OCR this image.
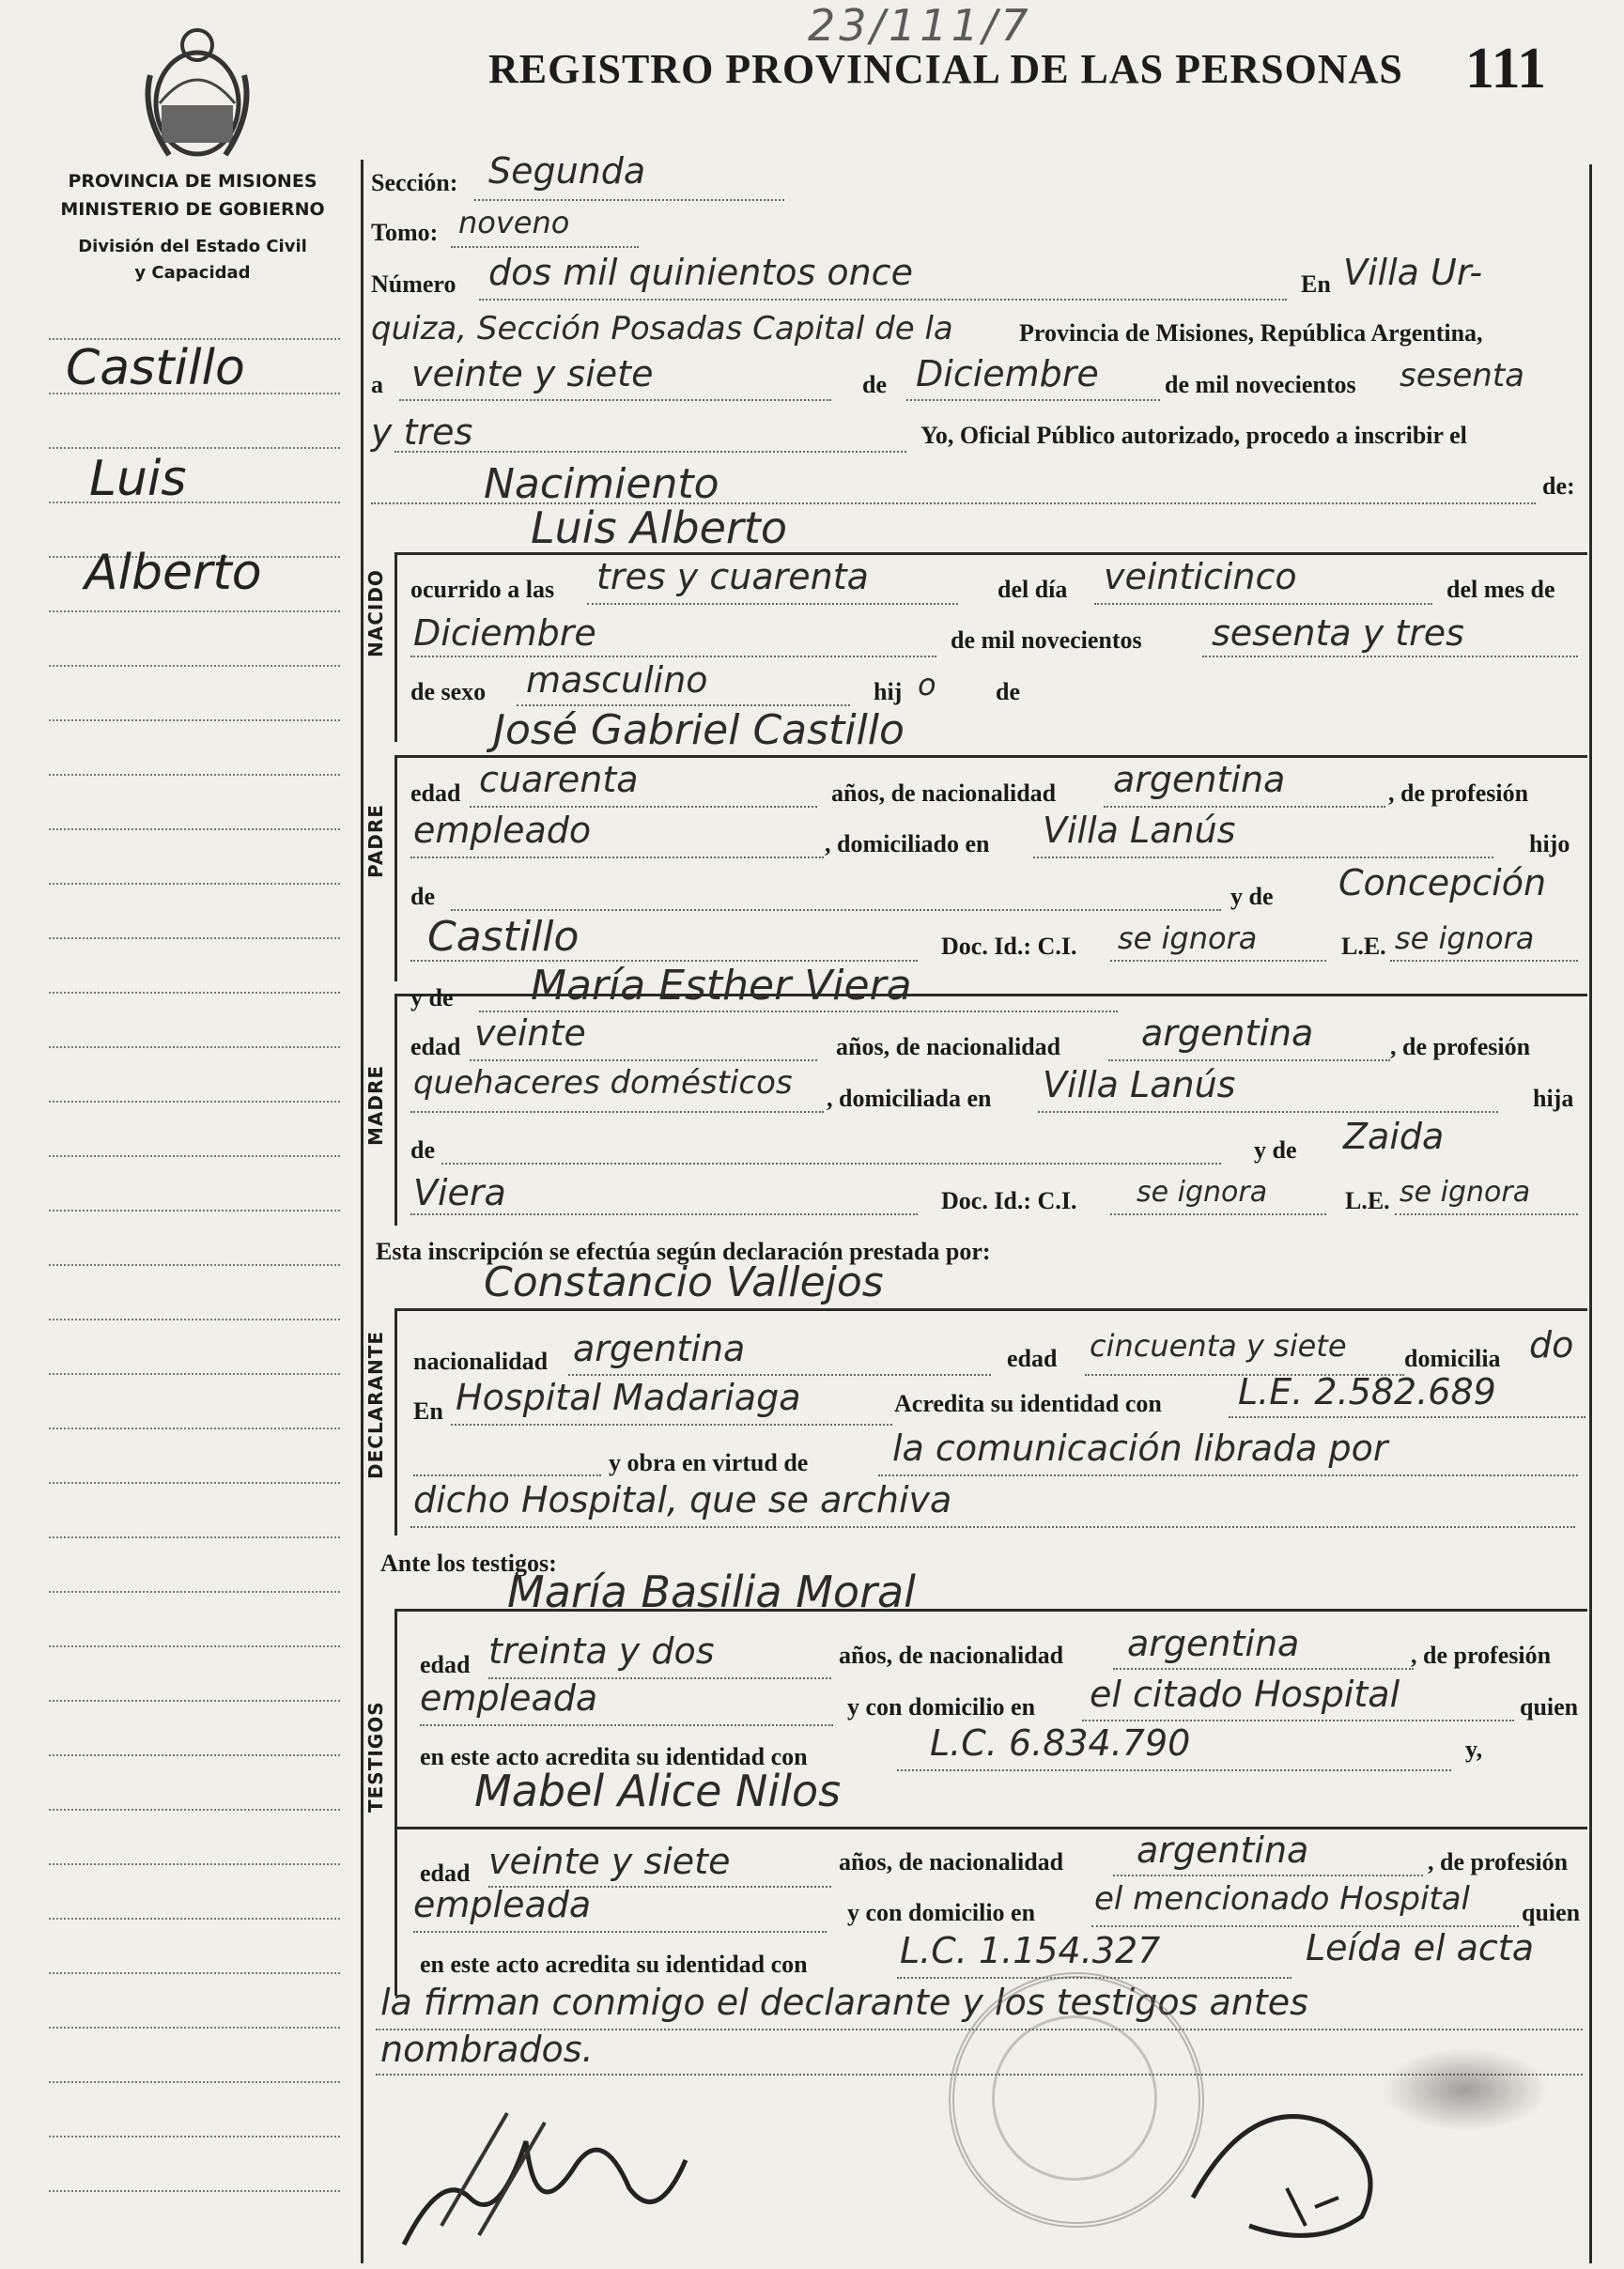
23/111/7
REGISTRO PROVINCIAL DE LAS PERSONAS 111
PROVINCIA DE MISIONES
MINISTERIO DE GOBIERNO
División del Estado Civil
y Capacidad
Castillo
Luis
Alberto	NACIDO
PADRE
MADRE
DECLARANTE
TESTIGOS
Sección: Segunda
Tomo: noveno
Número dos mil quinientos once	En Villa Ur-
quiza, Sección Posadas Capital de la	Provincia de Misiones, República Argentina,
a veinte y siete	de Diciembre	de mil novecientos sesenta
y tres	Yo, Oficial Público autorizado, procedo a inscribir el
Nacimiento	de:
Luis Alberto
ocurrido a las tres y cuarenta	del día veinticinco	del mes de
Diciembre	de mil novecientos sesenta y tres
de sexo masculino	hij o de
José Gabriel Castillo
edad cuarenta	años, de nacionalidad argentina	, de profesión
empleado	, domiciliado en Villa Lanús	hijo
de	y de Concepción
Castillo	Doc. Id.: C.I. se ignora	L.E. se ignora
y de María Esther Viera
edad veinte	años, de nacionalidad argentina	, de profesión
quehaceres domésticos , domiciliada en Villa Lanús	hija
de	y de Zaida
Viera	Doc. Id.: C.I. se ignora	L.E. se ignora
Esta inscripción se efectúa según declaración prestada por:
Constancio Vallejos
nacionalidad argentina	edad cincuenta y siete domicilia do
En Hospital Madariaga	Acredita su identidad con L.E. 2.582.689
y obra en virtud de la comunicación librada por
dicho Hospital, que se archiva
Ante los testigos:
María Basilia Moral
edad treinta y dos	años, de nacionalidad argentina	, de profesión
empleada	y con domicilio en el citado Hospital	quien
en este acto acredita su identidad con	L.C. 6.834.790	y,
Mabel Alice Nilos
edad veinte y siete	años, de nacionalidad argentina	, de profesión
empleada	y con domicilio en el mencionado Hospital quien
en este acto acredita su identidad con	L.C. 1.154.327	Leída el acta
la firman conmigo el declarante y los testigos antes
nombrados.
